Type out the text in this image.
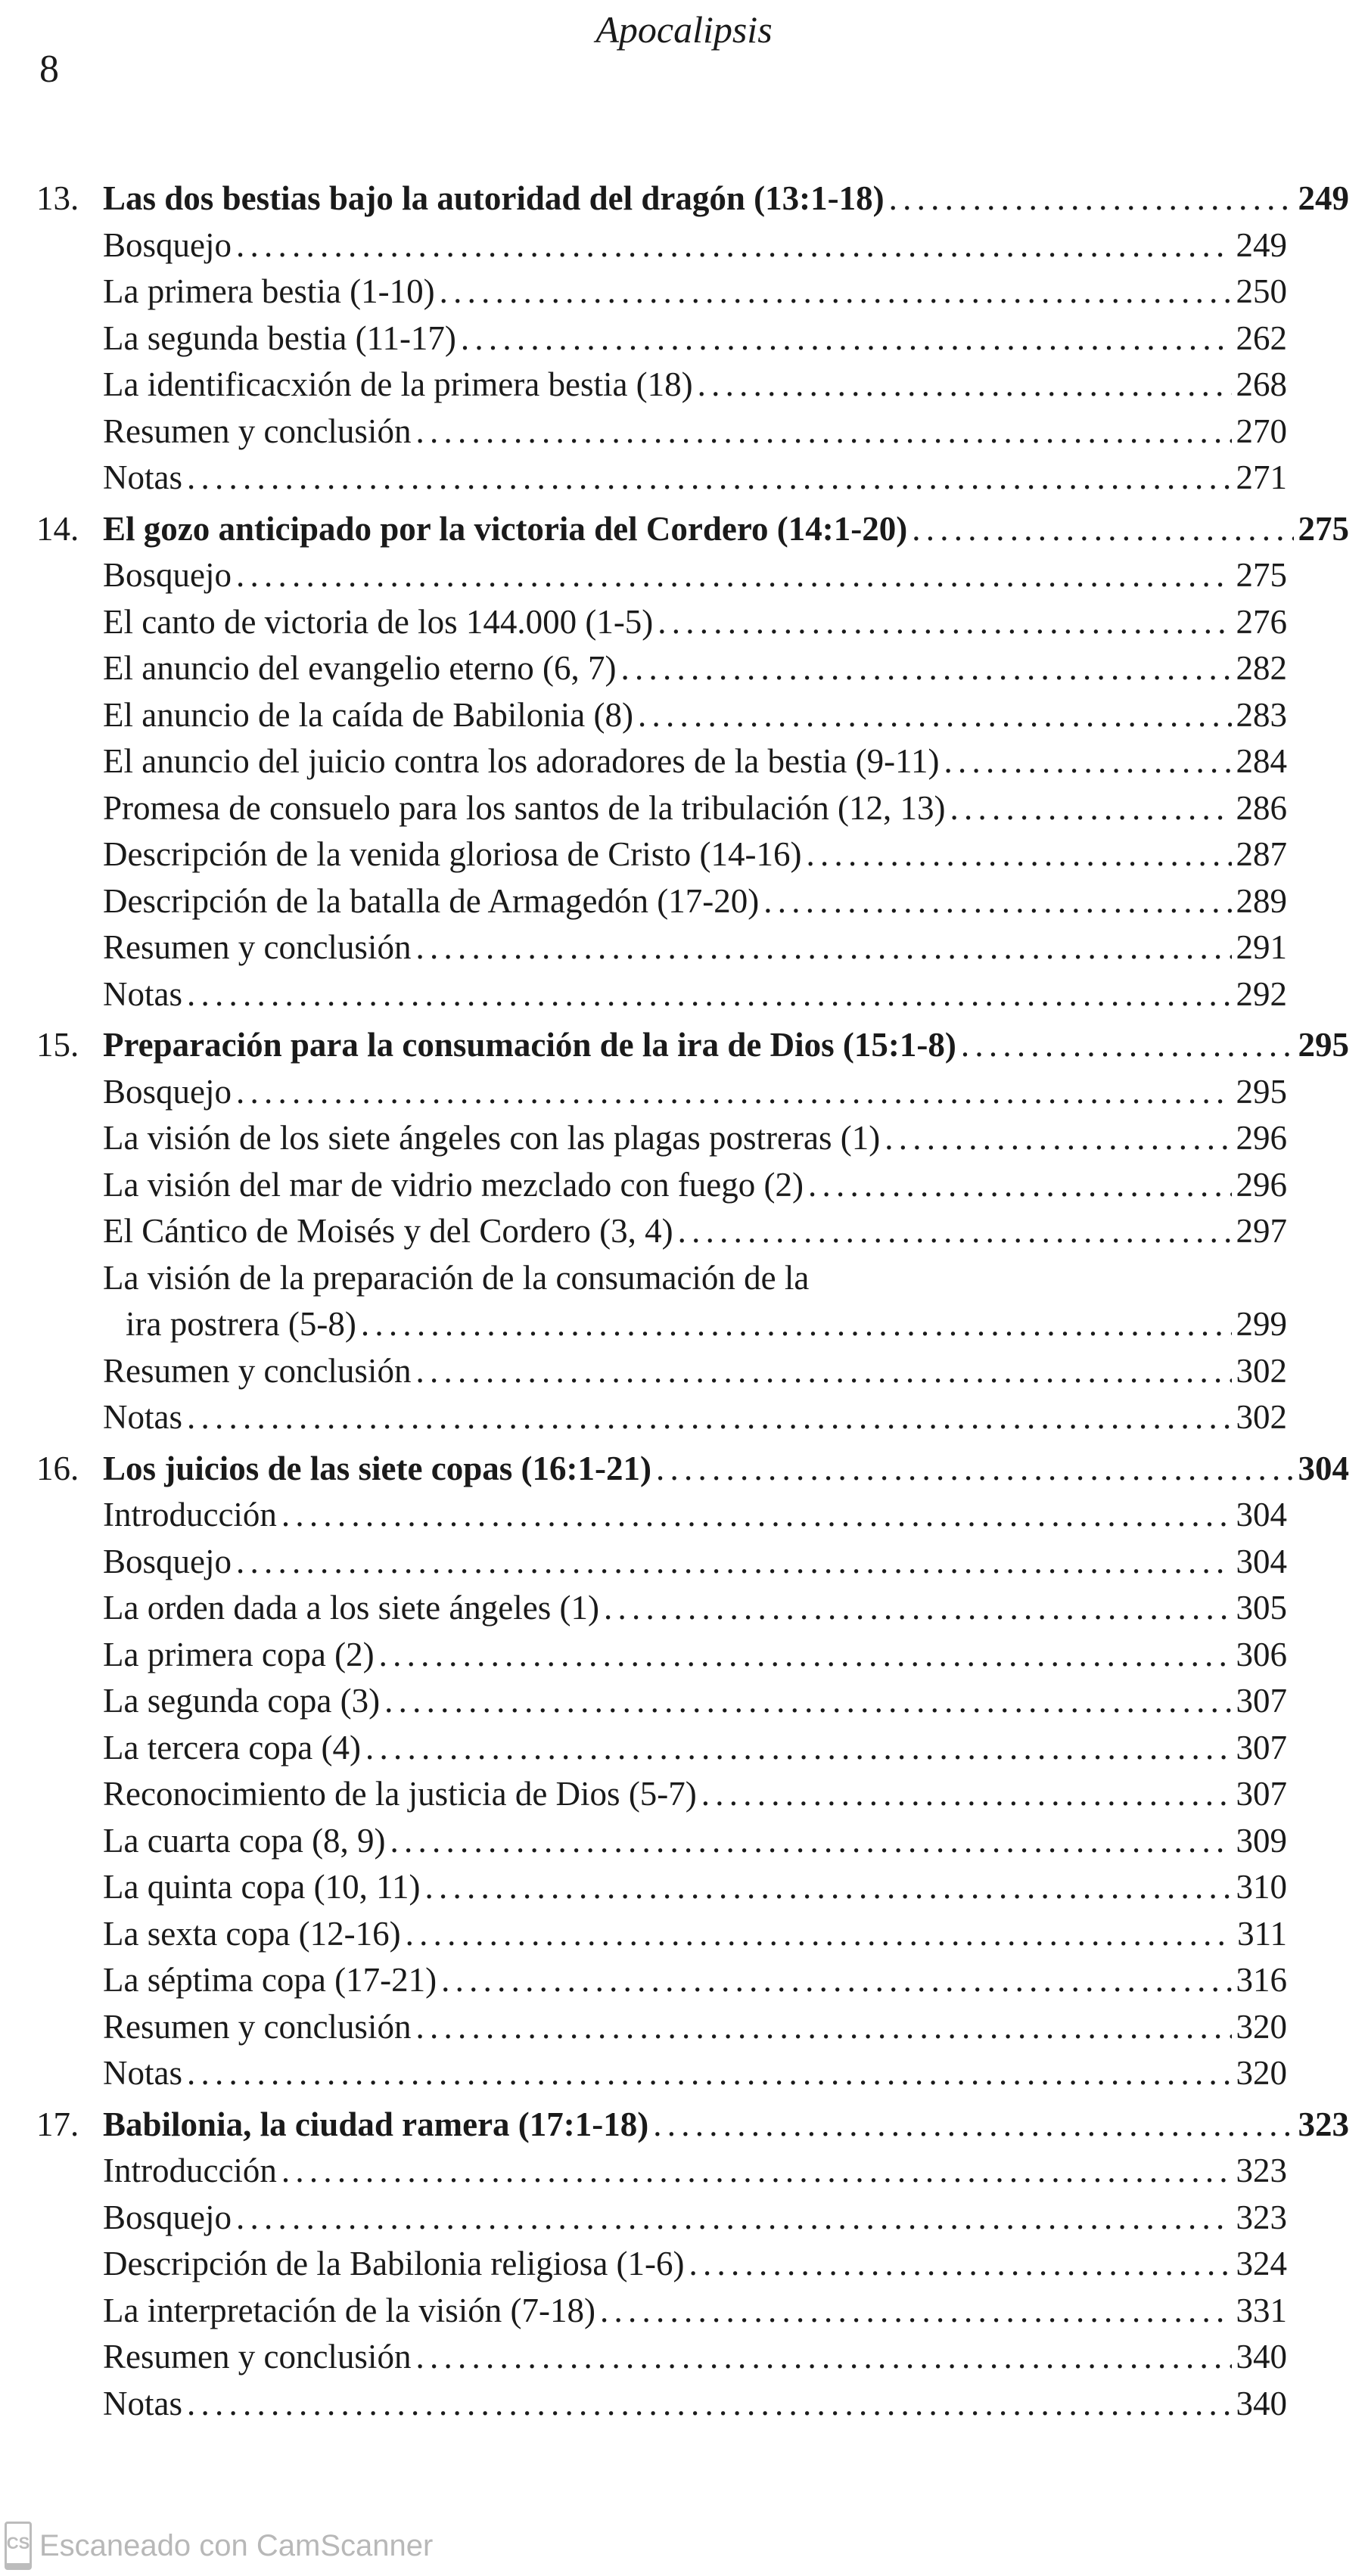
Apocalipsis
8
13. Las dos bestias bajo la autoridad del dragón (13:1-18) . . .	249
Bosquejo . . .	249
La primera bestia (1-10) . . .	250
La segunda bestia (11-17) . . .	262
La identificacxión de la primera bestia (18) . . .	268
Resumen y conclusión . . .	270
Notas . . .	271
14. El gozo anticipado por la victoria del Cordero (14:1-20) . . .	275
Bosquejo . . .	275
El canto de victoria de los 144.000 (1-5) . . .	276
El anuncio del evangelio eterno (6, 7) . . .	282
El anuncio de la caída de Babilonia (8) . . .	283
El anuncio del juicio contra los adoradores de la bestia (9-11) . . .	284
Promesa de consuelo para los santos de la tribulación (12, 13) . . .	286
Descripción de la venida gloriosa de Cristo (14-16) . . .	287
Descripción de la batalla de Armagedón (17-20) . . .	289
Resumen y conclusión . . .	291
Notas . . .	292
15. Preparación para la consumación de la ira de Dios (15:1-8) . . .	295
Bosquejo . . .	295
La visión de los siete ángeles con las plagas postreras (1) . . .	296
La visión del mar de vidrio mezclado con fuego (2) . . .	296
El Cántico de Moisés y del Cordero (3, 4) . . .	297
La visión de la preparación de la consumación de la
ira postrera (5-8) . . .	299
Resumen y conclusión . . .	302
Notas . . .	302
16. Los juicios de las siete copas (16:1-21) . . .	304
Introducción . . .	304
Bosquejo . . .	304
La orden dada a los siete ángeles (1) . . .	305
La primera copa (2) . . .	306
La segunda copa (3) . . .	307
La tercera copa (4) . . .	307
Reconocimiento de la justicia de Dios (5-7) . . .	307
La cuarta copa (8, 9) . . .	309
La quinta copa (10, 11) . . .	310
La sexta copa (12-16) . . .	311
La séptima copa (17-21) . . .	316
Resumen y conclusión . . .	320
Notas . . .	320
17. Babilonia, la ciudad ramera (17:1-18) . . .	323
Introducción . . .	323
Bosquejo . . .	323
Descripción de la Babilonia religiosa (1-6) . . .	324
La interpretación de la visión (7-18) . . .	331
Resumen y conclusión . . .	340
Notas . . .	340
CS Escaneado con CamScanner
